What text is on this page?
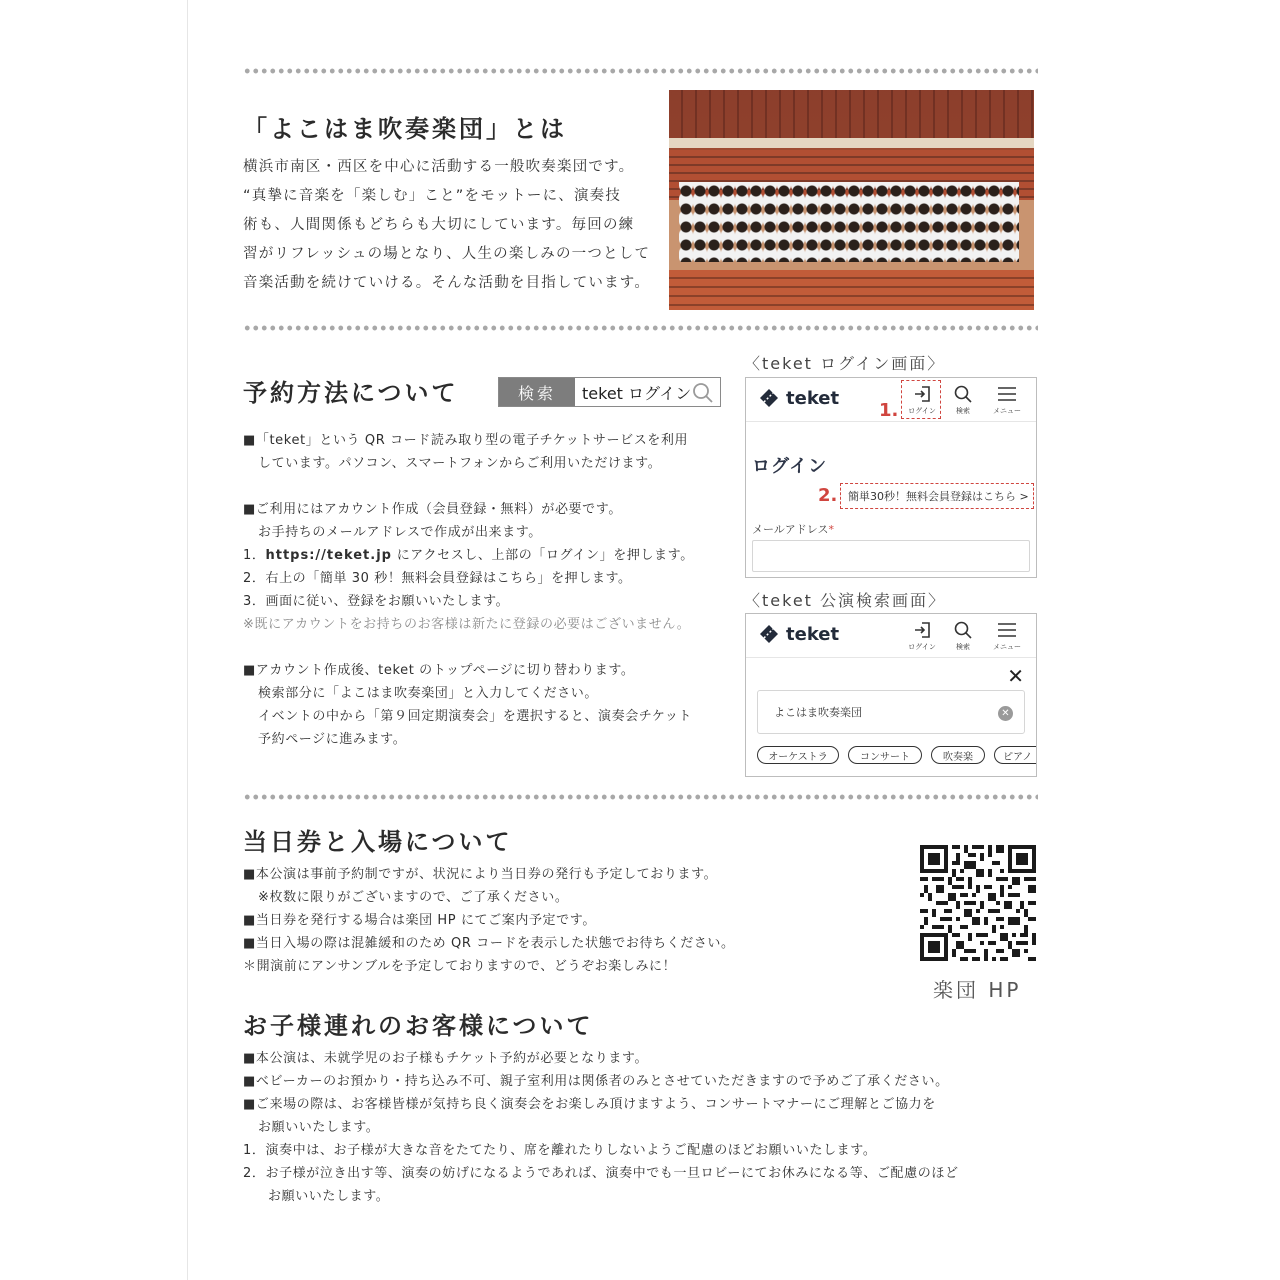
「よこはま吹奏楽団」とは
横浜市南区・西区を中心に活動する一般吹奏楽団です。
“真摯に音楽を「楽しむ」こと”をモットーに、演奏技
術も、人間関係もどちらも大切にしています。毎回の練
習がリフレッシュの場となり、人生の楽しみの一つとして
音楽活動を続けていける。そんな活動を目指しています。
予約方法について	検索	teket ログイン
■「teket」という QR コード読み取り型の電子チケットサービスを利用
しています。パソコン、スマートフォンからご利用いただけます。
■ご利用にはアカウント作成（会員登録・無料）が必要です。
お手持ちのメールアドレスで作成が出来ます。
1．https://teket.jp にアクセスし、上部の「ログイン」を押します。
2．右上の「簡単 30 秒！無料会員登録はこちら」を押します。
3．画面に従い、登録をお願いいたします。
※既にアカウントをお持ちのお客様は新たに登録の必要はございません。
■アカウント作成後、teket のトップページに切り替わります。
検索部分に「よこはま吹奏楽団」と入力してください。
イベントの中から「第９回定期演奏会」を選択すると、演奏会チケット
予約ページに進みます。
〈teket ログイン画面〉
teket
ログイン	検索	メニュー
1.
ログイン
2. 簡単30秒！無料会員登録はこちら >
メールアドレス*
〈teket 公演検索画面〉
teket
ログイン	検索	メニュー
✕
よこはま吹奏楽団	✕
オーケストラ	コンサート	吹奏楽	ピアノ
当日券と入場について
■本公演は事前予約制ですが、状況により当日券の発行も予定しております。
※枚数に限りがございますので、ご了承ください。
■当日券を発行する場合は楽団 HP にてご案内予定です。
■当日入場の際は混雑緩和のため QR コードを表示した状態でお待ちください。
＊開演前にアンサンブルを予定しておりますので、どうぞお楽しみに！
楽団 HP
お子様連れのお客様について
■本公演は、未就学児のお子様もチケット予約が必要となります。
■ベビーカーのお預かり・持ち込み不可、親子室利用は関係者のみとさせていただきますので予めご了承ください。
■ご来場の際は、お客様皆様が気持ち良く演奏会をお楽しみ頂けますよう、コンサートマナーにご理解とご協力を
お願いいたします。
1．演奏中は、お子様が大きな音をたてたり、席を離れたりしないようご配慮のほどお願いいたします。
2．お子様が泣き出す等、演奏の妨げになるようであれば、演奏中でも一旦ロビーにてお休みになる等、ご配慮のほど
お願いいたします。
